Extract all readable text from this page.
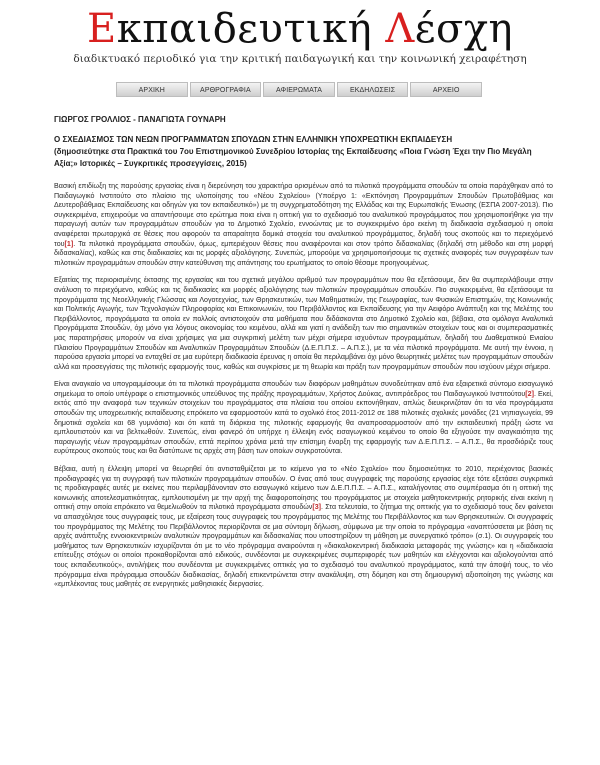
Εκπαιδευτική Λέσχη
διαδικτυακό περιοδικό για την κριτική παιδαγωγική και την κοινωνική χειραφέτηση
ΑΡΧΙΚΗ	ΑΡΘΡΟΓΡΑΦΙΑ	ΑΦΙΕΡΩΜΑΤΑ	ΕΚΔΗΛΩΣΕΙΣ	ΑΡΧΕΙΟ

ΓΙΩΡΓΟΣ ΓΡΟΛΛΙΟΣ - ΠΑΝΑΓΙΩΤΑ ΓΟΥΝΑΡΗ

Ο ΣΧΕΔΙΑΣΜΟΣ ΤΩΝ ΝΕΩΝ ΠΡΟΓΡΑΜΜΑΤΩΝ ΣΠΟΥΔΩΝ ΣΤΗΝ ΕΛΛΗΝΙΚΗ ΥΠΟΧΡΕΩΤΙΚΗ ΕΚΠΑΙΔΕΥΣΗ

(δημοσιεύτηκε στα Πρακτικά του 7ου Επιστημονικού Συνεδρίου Ιστορίας της Εκπαίδευσης «Ποια Γνώση Έχει την Πιο Μεγάλη Αξία;» Ιστορικές – Συγκριτικές προσεγγίσεις, 2015)

Βασική επιδίωξη της παρούσης εργασίας είναι η διερεύνηση του χαρακτήρα ορισμένων από τα πιλοτικά προγράμματα σπουδών τα οποία παράχθηκαν από το Παιδαγωγικό Ινστιτούτο στο πλαίσιο της υλοποίησης του «Νέου Σχολείου» (Υποέργο 1: «Εκπόνηση Προγραμμάτων Σπουδών Πρωτοβάθμιας και Δευτεροβάθμιας Εκπαίδευσης και οδηγών για τον εκπαιδευτικό») με τη συγχρηματοδότηση της Ελλάδας και της Ευρωπαϊκής Ένωσης (ΕΣΠΑ 2007-2013). Πιο συγκεκριμένα, επιχειρούμε να απαντήσουμε στο ερώτημα ποια είναι η οπτική για το σχεδιασμό του αναλυτικού προγράμματος που χρησιμοποιήθηκε για την παραγωγή αυτών των προγραμμάτων σπουδών για το Δημοτικό Σχολείο, εννοώντας με το συγκεκριμένο όρο εκείνη τη διαδικασία σχεδιασμού η οποία αναφέρεται πρωταρχικά σε θέσεις που αφορούν τα απαραίτητα δομικά στοιχεία του αναλυτικού προγράμματος, δηλαδή τους σκοπούς και το περιεχόμενό του[1]. Τα πιλοτικά προγράμματα σπουδών, όμως, εμπεριέχουν θέσεις που αναφέρονται και στον τρόπο διδασκαλίας (δηλαδή στη μέθοδο και στη μορφή διδασκαλίας), καθώς και στις διαδικασίες και τις μορφές αξιολόγησης. Συνεπώς, μπορούμε να χρησιμοποιήσουμε τις σχετικές αναφορές των συγγραφέων των πιλοτικών προγραμμάτων σπουδών στην κατεύθυνση της απάντησης του ερωτήματος το οποίο θέσαμε προηγουμένως.

Εξαιτίας της περιορισμένης έκτασης της εργασίας και του σχετικά μεγάλου αριθμού των προγραμμάτων που θα εξετάσουμε, δεν θα συμπεριλάβουμε στην ανάλυση το περιεχόμενο, καθώς και τις διαδικασίες και μορφές αξιολόγησης των πιλοτικών προγραμμάτων σπουδών. Πιο συγκεκριμένα, θα εξετάσουμε τα προγράμματα της Νεοελληνικής Γλώσσας και Λογοτεχνίας, των Θρησκευτικών, των Μαθηματικών, της Γεωγραφίας, των Φυσικών Επιστημών, της Κοινωνικής και Πολιτικής Αγωγής, των Τεχνολογιών Πληροφορίας και Επικοινωνιών, του Περιβάλλοντος και Εκπαίδευσης για την Αειφόρο Ανάπτυξη και της Μελέτης του Περιβάλλοντος, προγράμματα τα οποία εν πολλοίς αντιστοιχούν στα μαθήματα που διδάσκονται στο Δημοτικό Σχολείο και, βέβαια, στα ομόλογα Αναλυτικά Προγράμματα Σπουδών, όχι μόνο για λόγους οικονομίας του κειμένου, αλλά και γιατί η ανάδειξη των πιο σημαντικών στοιχείων τους και οι συμπερασματικές μας παρατηρήσεις μπορούν να είναι χρήσιμες για μια συγκριτική μελέτη των μέχρι σήμερα ισχυόντων προγραμμάτων, δηλαδή του Διαθεματικού Ενιαίου Πλαισίου Προγραμμάτων Σπουδών και Αναλυτικών Προγραμμάτων Σπουδών (Δ.Ε.Π.Π.Σ. – Α.Π.Σ.), με τα νέα πιλοτικά προγράμματα. Με αυτή την έννοια, η παρούσα εργασία μπορεί να ενταχθεί σε μια ευρύτερη διαδικασία έρευνας η οποία θα περιλαμβάνει όχι μόνο θεωρητικές μελέτες των προγραμμάτων σπουδών αλλά και προσεγγίσεις της πιλοτικής εφαρμογής τους, καθώς και συγκρίσεις με τη θεωρία και πράξη των προγραμμάτων σπουδών που ισχύουν μέχρι σήμερα.

Είναι αναγκαίο να υπογραμμίσουμε ότι τα πιλοτικά προγράμματα σπουδών των διαφόρων μαθημάτων συνοδεύτηκαν από ένα εξαιρετικά σύντομο εισαγωγικό σημείωμα το οποίο υπέγραφε ο επιστημονικός υπεύθυνος της πράξης προγραμμάτων, Χρήστος Δούκας, αντιπρόεδρος του Παιδαγωγικού Ινστιτούτου[2]. Εκεί, εκτός από την αναφορά των τεχνικών στοιχείων του προγράμματος στα πλαίσια του οποίου εκπονήθηκαν, απλώς διευκρινιζόταν ότι τα νέα προγράμματα σπουδών της υποχρεωτικής εκπαίδευσης επρόκειτο να εφαρμοστούν κατά το σχολικό έτος 2011-2012 σε 188 πιλοτικές σχολικές μονάδες (21 νηπιαγωγεία, 99 δημοτικά σχολεία και 68 γυμνάσια) και ότι κατά τη διάρκεια της πιλοτικής εφαρμογής θα αναπροσαρμοστούν από την εκπαιδευτική πράξη ώστε να εμπλουτιστούν και να βελτιωθούν. Συνεπώς, είναι φανερό ότι υπήρχε η έλλειψη ενός εισαγωγικού κειμένου το οποίο θα εξηγούσε την αναγκαιότητα της παραγωγής νέων προγραμμάτων σπουδών, επτά περίπου χρόνια μετά την επίσημη έναρξη της εφαρμογής των Δ.Ε.Π.Π.Σ. – Α.Π.Σ., θα προσδιόριζε τους ευρύτερους σκοπούς τους και θα διατύπωνε τις αρχές στη βάση των οποίων συγκροτούνται.

Βέβαια, αυτή η έλλειψη μπορεί να θεωρηθεί ότι αντισταθμίζεται με το κείμενο για το «Νέο Σχολείο» που δημοσιεύτηκε το 2010, περιέχοντας βασικές προδιαγραφές για τη συγγραφή των πιλοτικών προγραμμάτων σπουδών. Ο ένας από τους συγγραφείς της παρούσης εργασίας είχε τότε εξετάσει συγκριτικά τις προδιαγραφές αυτές με εκείνες που περιλαμβάνονταν στο εισαγωγικό κείμενο των Δ.Ε.Π.Π.Σ. – Α.Π.Σ., καταλήγοντας στο συμπέρασμα ότι η οπτική της κοινωνικής αποτελεσματικότητας, εμπλουτισμένη με την αρχή της διαφοροποίησης του προγράμματος με στοιχεία μαθητοκεντρικής ρητορικής είναι εκείνη η οπτική στην οποία επρόκειτο να θεμελιωθούν τα πιλοτικά προγράμματα σπουδών[3]. Στα τελευταία, το ζήτημα της οπτικής για το σχεδιασμό τους δεν φαίνεται να απασχόλησε τους συγγραφείς τους, με εξαίρεση τους συγγραφείς του προγράμματος της Μελέτης του Περιβάλλοντος και των Θρησκευτικών. Οι συγγραφείς του προγράμματος της Μελέτης του Περιβάλλοντος περιορίζονται σε μια σύντομη δήλωση, σύμφωνα με την οποία το πρόγραμμα «αναπτύσσεται με βάση τις αρχές ανάπτυξης εννοιοκεντρικών αναλυτικών προγραμμάτων και διδασκαλίας που υποστηρίζουν τη μάθηση με συνεργατικό τρόπο» (σ.1). Οι συγγραφείς του μαθήματος των Θρησκευτικών ισχυρίζονται ότι με το νέο πρόγραμμα αναιρούνται η «διακαλοκεντρική διαδικασία μεταφοράς της γνώσης» και η «διαδικασία επίτευξης στόχων οι οποίοι προκαθορίζονται από ειδικούς, συνδέονται με συγκεκριμένες συμπεριφορές των μαθητών και ελέγχονται και αξιολογούνται από τους εκπαιδευτικούς», αντιλήψεις που συνδέονται με συγκεκριμένες οπτικές για το σχεδιασμό του αναλυτικού προγράμματος, κατά την άποψή τους, το νέο πρόγραμμα είναι πρόγραμμα σπουδών διαδικασίας, δηλαδή επικεντρώνεται στην ανακάλυψη, στη δόμηση και στη δημιουργική αξιοποίηση της γνώσης και «εμπλέκοντας τους μαθητές σε ενεργητικές μαθησιακές διεργασίες.
